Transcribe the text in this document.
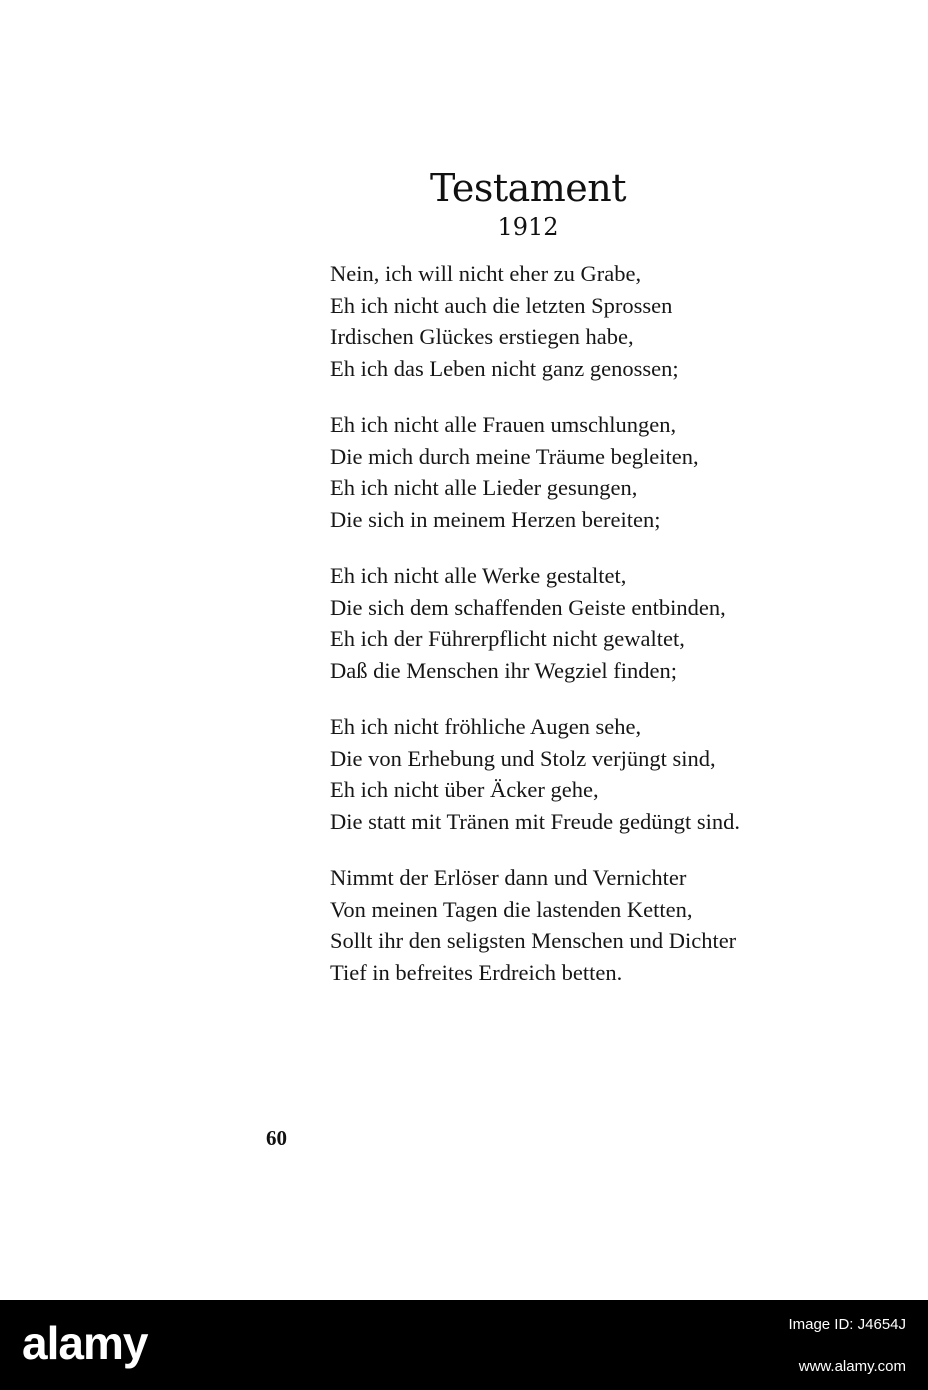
Testament
1912
Nein, ich will nicht eher zu Grabe,
Eh ich nicht auch die letzten Sprossen
Irdischen Glückes erstiegen habe,
Eh ich das Leben nicht ganz genossen;
Eh ich nicht alle Frauen umschlungen,
Die mich durch meine Träume begleiten,
Eh ich nicht alle Lieder gesungen,
Die sich in meinem Herzen bereiten;
Eh ich nicht alle Werke gestaltet,
Die sich dem schaffenden Geiste entbinden,
Eh ich der Führerpflicht nicht gewaltet,
Daß die Menschen ihr Wegziel finden;
Eh ich nicht fröhliche Augen sehe,
Die von Erhebung und Stolz verjüngt sind,
Eh ich nicht über Äcker gehe,
Die statt mit Tränen mit Freude gedüngt sind.
Nimmt der Erlöser dann und Vernichter
Von meinen Tagen die lastenden Ketten,
Sollt ihr den seligsten Menschen und Dichter
Tief in befreites Erdreich betten.
60
alamy	Image ID: J4654J
www.alamy.com
